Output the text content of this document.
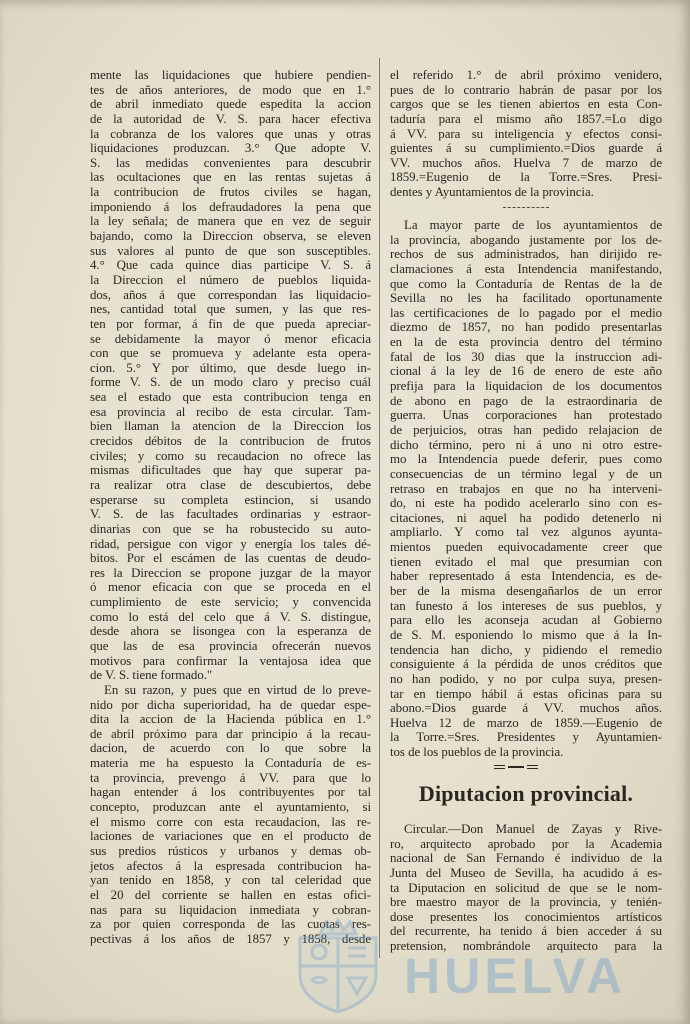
mente las liquidaciones que hubiere pendien-
tes de años anteriores, de modo que en 1.°
de abril inmediato quede espedita la accion
de la autoridad de V. S. para hacer efectiva
la cobranza de los valores que unas y otras
liquidaciones produzcan. 3.° Que adopte V.
S. las medidas convenientes para descubrir
las ocultaciones que en las rentas sujetas á
la contribucion de frutos civiles se hagan,
imponiendo á los defraudadores la pena que
la ley señala; de manera que en vez de seguir
bajando, como la Direccion observa, se eleven
sus valores al punto de que son susceptibles.
4.° Que cada quince dias participe V. S. á
la Direccion el número de pueblos liquida-
dos, años á que correspondan las liquidacio-
nes, cantidad total que sumen, y las que res-
ten por formar, á fin de que pueda apreciar-
se debidamente la mayor ó menor eficacia
con que se promueva y adelante esta opera-
cion. 5.° Y por último, que desde luego in-
forme V. S. de un modo claro y preciso cuál
sea el estado que esta contribucion tenga en
esa provincia al recibo de esta circular. Tam-
bien llaman la atencion de la Direccion los
crecidos débitos de la contribucion de frutos
civiles; y como su recaudacion no ofrece las
mismas dificultades que hay que superar pa-
ra realizar otra clase de descubiertos, debe
esperarse su completa estincion, si usando
V. S. de las facultades ordinarias y estraor-
dinarias con que se ha robustecido su auto-
ridad, persigue con vigor y energía los tales dé-
bitos. Por el escámen de las cuentas de deudo-
res la Direccion se propone juzgar de la mayor
ó menor eficacia con que se proceda en el
cumplimiento de este servicio; y convencida
como lo está del celo que á V. S. distingue,
desde ahora se lisongea con la esperanza de
que las de esa provincia ofrecerán nuevos
motivos para confirmar la ventajosa idea que
de V. S. tiene formado."
En su razon, y pues que en virtud de lo preve-
nido por dicha superioridad, ha de quedar espe-
dita la accion de la Hacienda pública en 1.°
de abril próximo para dar principio á la recau-
dacion, de acuerdo con lo que sobre la
materia me ha espuesto la Contaduría de es-
ta provincia, prevengo á VV. para que lo
hagan entender á los contribuyentes por tal
concepto, produzcan ante el ayuntamiento, si
el mismo corre con esta recaudacion, las re-
laciones de variaciones que en el producto de
sus predios rústicos y urbanos y demas ob-
jetos afectos á la espresada contribucion ha-
yan tenido en 1858, y con tal celeridad que
el 20 del corriente se hallen en estas ofici-
nas para su liquidacion inmediata y cobran-
za por quien corresponda de las cuotas res-
pectivas á los años de 1857 y 1858, desde
el referido 1.° de abril próximo venidero,
pues de lo contrario habrán de pasar por los
cargos que se les tienen abiertos en esta Con-
taduría para el mismo año 1857.=Lo digo
á VV. para su inteligencia y efectos consi-
guientes á su cumplimiento.=Dios guarde á
VV. muchos años. Huelva 7 de marzo de
1859.=Eugenio de la Torre.=Sres. Presi-
dentes y Ayuntamientos de la provincia.
La mayor parte de los ayuntamientos de
la provincia, abogando justamente por los de-
rechos de sus administrados, han dirijido re-
clamaciones á esta Intendencia manifestando,
que como la Contaduría de Rentas de la de
Sevilla no les ha facilitado oportunamente
las certificaciones de lo pagado por el medio
diezmo de 1857, no han podido presentarlas
en la de esta provincia dentro del término
fatal de los 30 dias que la instruccion adi-
cional á la ley de 16 de enero de este año
prefija para la liquidacion de los documentos
de abono en pago de la estraordinaria de
guerra. Unas corporaciones han protestado
de perjuicios, otras han pedido relajacion de
dicho término, pero ni á uno ni otro estre-
mo la Intendencia puede deferir, pues como
consecuencias de un término legal y de un
retraso en trabajos en que no ha interveni-
do, ni este ha podido acelerarlo sino con es-
citaciones, ni aquel ha podido detenerlo ni
ampliarlo. Y como tal vez algunos ayunta-
mientos pueden equivocadamente creer que
tienen evitado el mal que presumian con
haber representado á esta Intendencia, es de-
ber de la misma desengañarlos de un error
tan funesto á los intereses de sus pueblos, y
para ello les aconseja acudan al Gobierno
de S. M. esponiendo lo mismo que á la In-
tendencia han dicho, y pidiendo el remedio
consiguiente á la pérdida de unos créditos que
no han podido, y no por culpa suya, presen-
tar en tiempo hábil á estas oficinas para su
abono.=Dios guarde á VV. muchos años.
Huelva 12 de marzo de 1859.—Eugenio de
la Torre.=Sres. Presidentes y Ayuntamien-
tos de los pueblos de la provincia.
Diputacion provincial.
Circular.—Don Manuel de Zayas y Rive-
ro, arquitecto aprobado por la Academia
nacional de San Fernando é individuo de la
Junta del Museo de Sevilla, ha acudido á es-
ta Diputacion en solicitud de que se le nom-
bre maestro mayor de la provincia, y tenién-
dose presentes los conocimientos artísticos
del recurrente, ha tenido á bien acceder á su
pretension, nombrándole arquitecto para la
HUELVA
